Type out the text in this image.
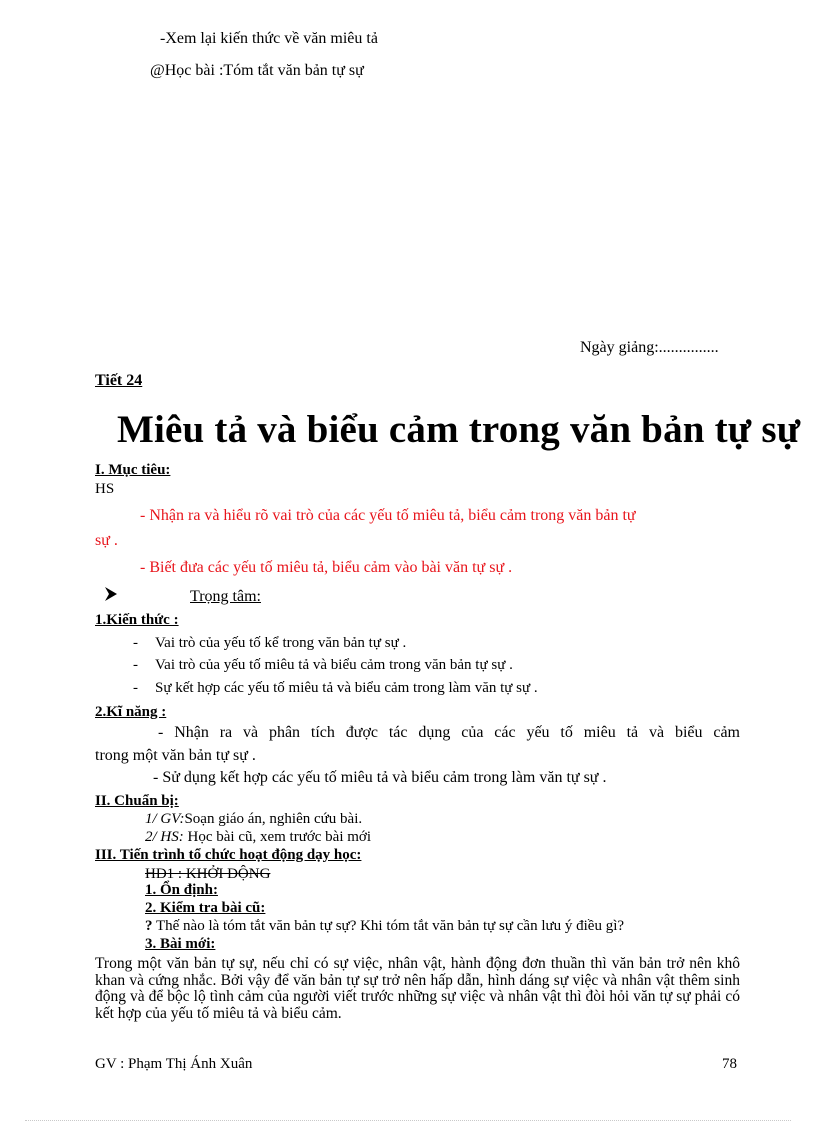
-Xem lại kiến thức về văn miêu tả
@Học bài :Tóm tắt văn bản tự sự
Ngày giảng:...............
Tiết 24
Miêu tả và biểu cảm trong văn bản tự sự
I. Mục tiêu:
HS
- Nhận ra và hiểu rõ vai trò của các yếu tố miêu tả, biểu cảm trong văn bản tự
sự .
- Biết đưa các yếu tố miêu tả, biểu cảm vào bài văn tự sự .
Trọng tâm:
1.Kiến thức :
- Vai trò của yếu tố kể trong văn bản tự sự .
- Vai trò của yếu tố miêu tả và biểu cảm trong văn bản tự sự .
- Sự kết hợp các yếu tố miêu tả và biểu cảm trong làm văn tự sự .
2.Kĩ năng :
- Nhận ra và phân tích được tác dụng của các yếu tố miêu tả và biểu cảm
trong một văn bản tự sự .
- Sử dụng kết hợp các yếu tố miêu tả và biểu cảm trong làm văn tự sự .
II. Chuẩn bị:
1/ GV:Soạn giáo án, nghiên cứu bài.
2/ HS: Học bài cũ, xem trước bài mới
III. Tiến trình tổ chức hoạt động dạy học:
HĐ1 : KHỞI ĐỘNG
1. Ổn định:
2. Kiểm tra bài cũ:
? Thế nào là tóm tắt văn bản tự sự? Khi tóm tắt văn bản tự sự cần lưu ý điều gì?
3. Bài mới:
Trong một văn bản tự sự, nếu chỉ có sự việc, nhân vật, hành động đơn thuần thì văn bản trở nên khô khan và cứng nhắc. Bởi vậy để văn bản tự sự trở nên hấp dẫn, hình dáng sự việc và nhân vật thêm sinh động và để bộc lộ tình cảm của người viết trước những sự việc và nhân vật thì đòi hỏi văn tự sự phải có kết hợp của yếu tố miêu tả và biểu cảm.
GV : Phạm Thị Ánh Xuân	78
